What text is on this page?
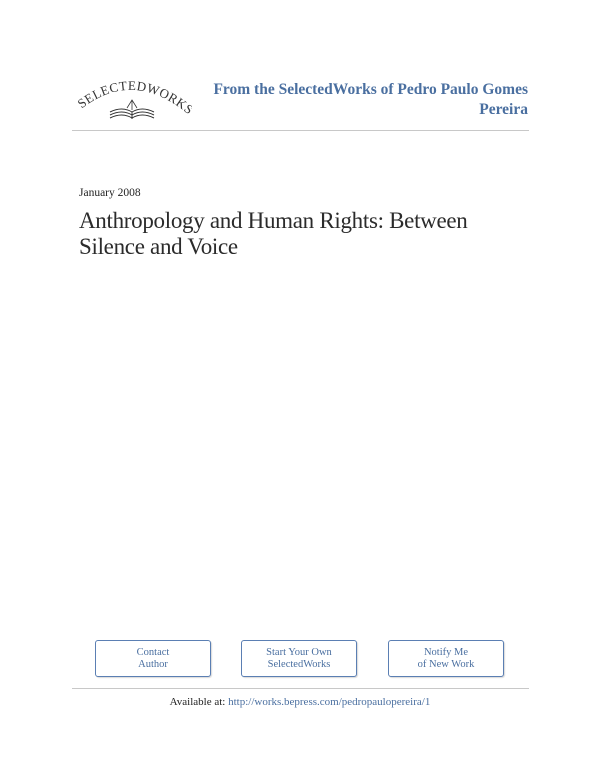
SELECTEDWORK
From the SelectedWorks of Pedro Paulo Gomes Pereira
January 2008
Anthropology and Human Rights: Between Silence and Voice
Contact
Author
Start Your Own
SelectedWorks
Notify Me
of New Work
Available at: http://works.bepress.com/pedropaulopereira/1
